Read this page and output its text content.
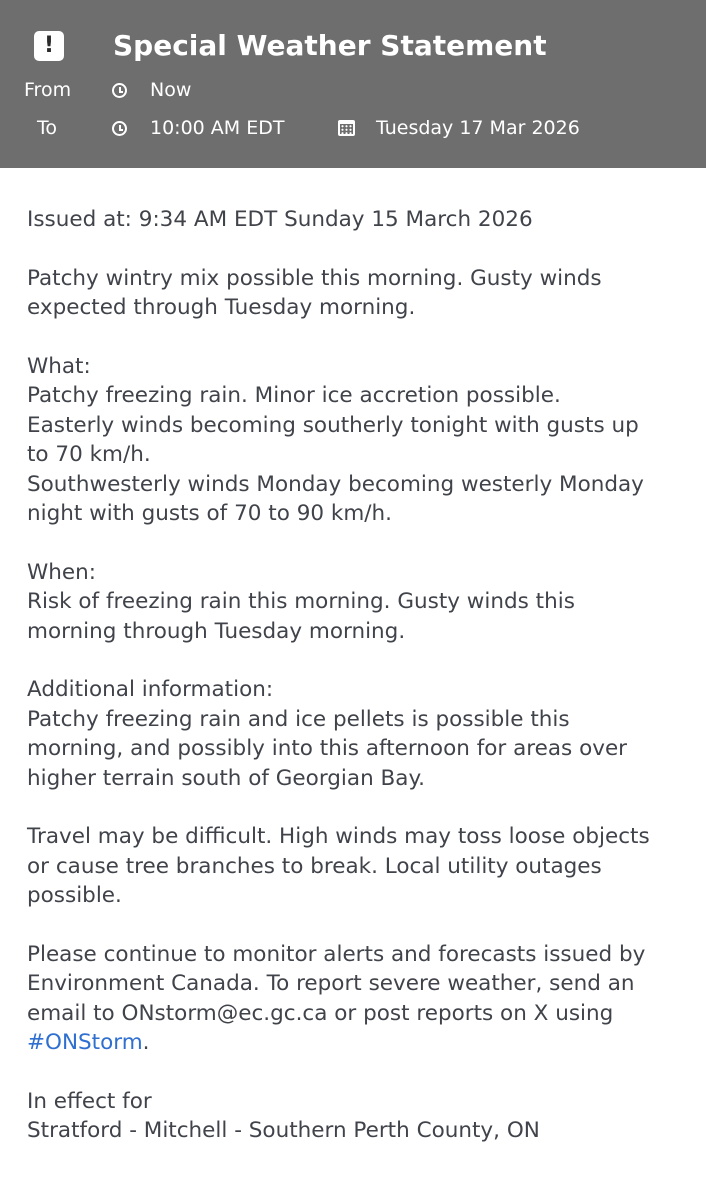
!	Special Weather Statement
From	Now
To	10:00 AM EDT	Tuesday 17 Mar 2026

Issued at: 9:34 AM EDT Sunday 15 March 2026

Patchy wintry mix possible this morning. Gusty winds

expected through Tuesday morning.

What:

Patchy freezing rain. Minor ice accretion possible.

Easterly winds becoming southerly tonight with gusts up

to 70 km/h.

Southwesterly winds Monday becoming westerly Monday

night with gusts of 70 to 90 km/h.

When:

Risk of freezing rain this morning. Gusty winds this

morning through Tuesday morning.

Additional information:

Patchy freezing rain and ice pellets is possible this

morning, and possibly into this afternoon for areas over

higher terrain south of Georgian Bay.

Travel may be difficult. High winds may toss loose objects

or cause tree branches to break. Local utility outages

possible.

Please continue to monitor alerts and forecasts issued by

Environment Canada. To report severe weather, send an

email to ONstorm@ec.gc.ca or post reports on X using

#ONStorm.

In effect for

Stratford - Mitchell - Southern Perth County, ON
